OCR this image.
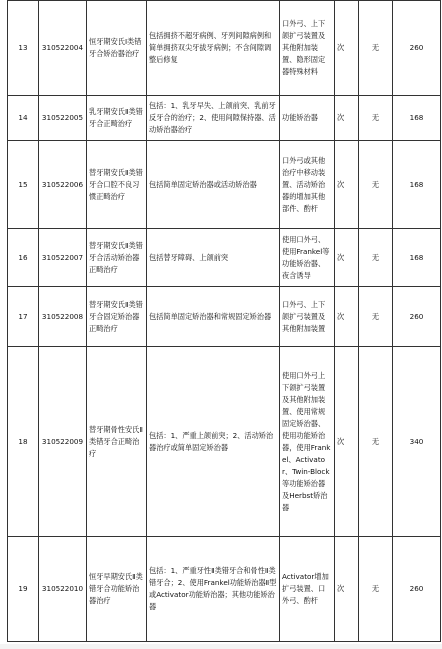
13	310522004	恒牙期安氏Ⅰ类错牙合矫治器治疗	包括拥挤不超牙病例、牙列间隙病例和简单拥挤双尖牙拔牙病例；不含间隙调整后修复	口外弓、上下颌扩弓装置及其他附加装置、隐形固定器特殊材料	次	无	260
14	310522005	乳牙期安氏Ⅱ类错牙合正畸治疗	包括：1、乳牙早失、上颌前突、乳前牙反牙合的治疗；2、使用间隙保持器、活动矫治器治疗	功能矫治器	次	无	168
15	310522006	替牙期安氏Ⅱ类错牙合口腔不良习惯正畸治疗	包括简单固定矫治器或活动矫治器	口外弓或其他治疗中移动装置、活动矫治器的增加其他部件、酌杆	次	无	168
16	310522007	替牙期安氏Ⅱ类错牙合活动矫治器正畸治疗	包括替牙障碍、上颌前突	使用口外弓、使用Frankel等功能矫治器、夜含诱导	次	无	168
17	310522008	替牙期安氏Ⅱ类错牙合固定矫治器正畸治疗	包括简单固定矫治器和常规固定矫治器	口外弓、上下颌扩弓装置及其他附加装置	次	无	260
18	310522009	替牙期骨性安氏Ⅱ类错牙合正畸治疗	包括：1、严重上颌前突；2、活动矫治器治疗或简单固定矫治器	使用口外弓上下颌扩弓装置及其他附加装置、使用常规固定矫治器、使用功能矫治器，使用Frankel、Activator、Twin-Block等功能矫治器及Herbst矫治器	次	无	340
19	310522010	恒牙早期安氏Ⅱ类错牙合功能矫治器治疗	包括：1、严重牙性Ⅱ类错牙合和骨性Ⅱ类错牙合；2、使用Frankel功能矫治器Ⅱ型或Activator功能矫治器；其他功能矫治器	Activator增加扩弓装置、口外弓、酌杆	次	无	260
